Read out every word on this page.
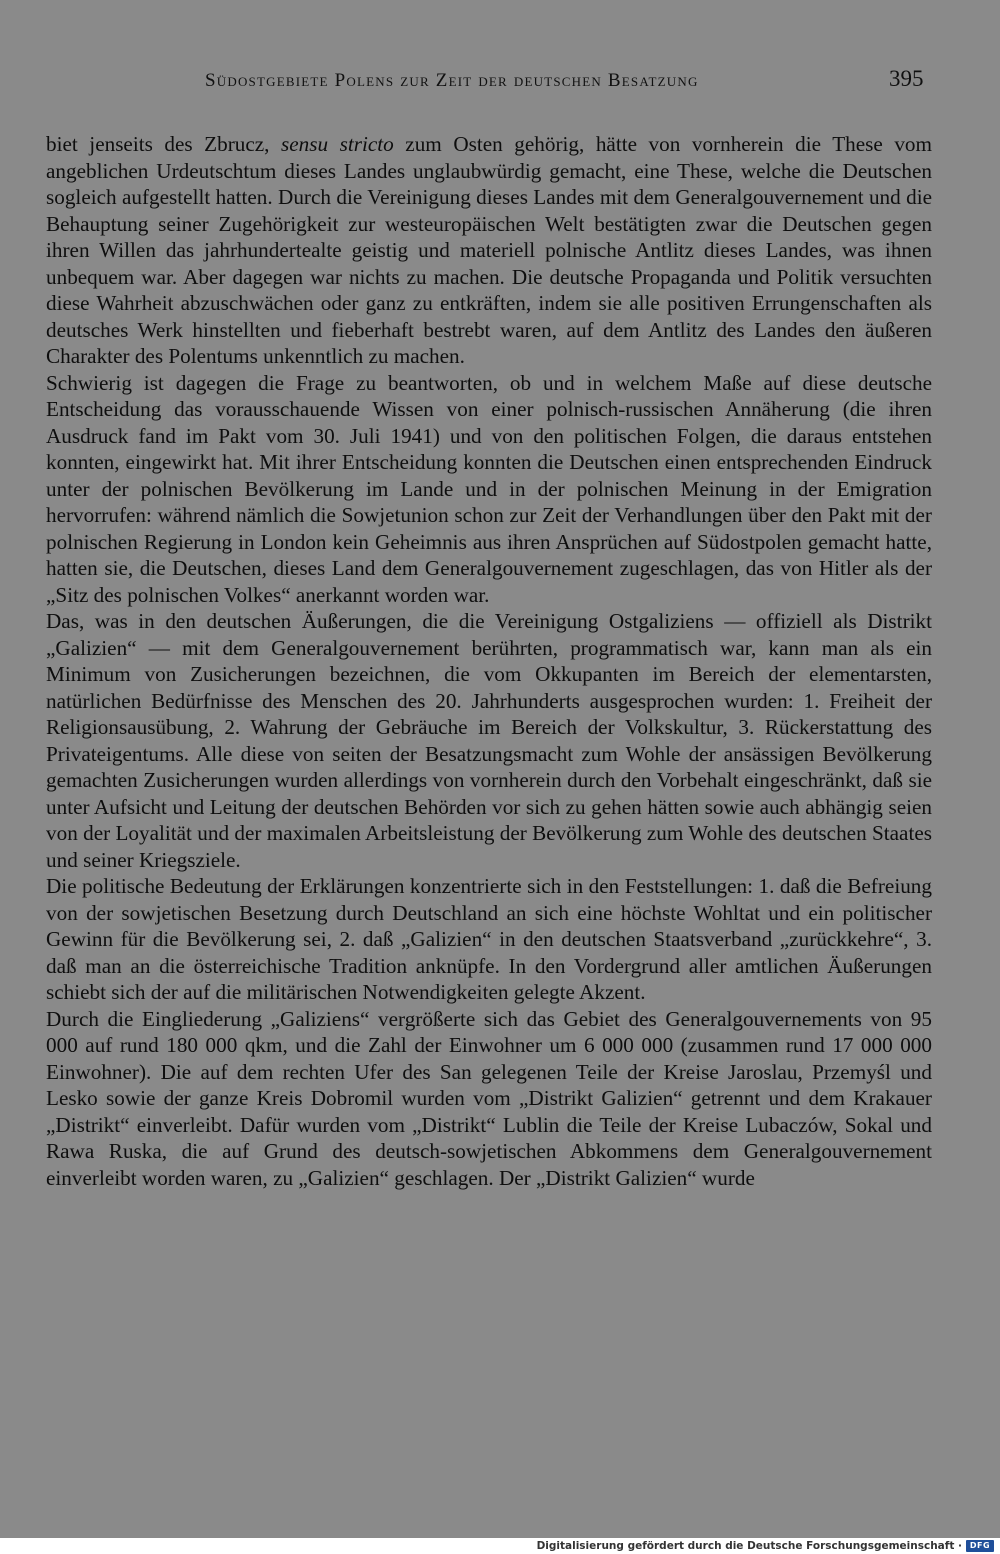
Südostgebiete Polens zur Zeit der deutschen Besatzung	395

biet jenseits des Zbrucz, sensu stricto zum Osten gehörig, hätte von vornherein die These vom angeblichen Urdeutschtum dieses Landes unglaubwürdig gemacht, eine These, welche die Deutschen sogleich aufgestellt hatten. Durch die Vereinigung dieses Landes mit dem Generalgouvernement und die Behauptung seiner Zugehörigkeit zur westeuropäischen Welt bestätigten zwar die Deutschen gegen ihren Willen das jahrhundertealte geistig und materiell polnische Antlitz dieses Landes, was ihnen unbequem war. Aber dagegen war nichts zu machen. Die deutsche Propaganda und Politik versuchten diese Wahrheit abzuschwächen oder ganz zu entkräften, indem sie alle positiven Errungenschaften als deutsches Werk hinstellten und fieberhaft bestrebt waren, auf dem Antlitz des Landes den äußeren Charakter des Polentums unkenntlich zu machen.

Schwierig ist dagegen die Frage zu beantworten, ob und in welchem Maße auf diese deutsche Entscheidung das vorausschauende Wissen von einer polnisch-russischen Annäherung (die ihren Ausdruck fand im Pakt vom 30. Juli 1941) und von den politischen Folgen, die daraus entstehen konnten, eingewirkt hat. Mit ihrer Entscheidung konnten die Deutschen einen entsprechenden Eindruck unter der polnischen Bevölkerung im Lande und in der polnischen Meinung in der Emigration hervorrufen: während nämlich die Sowjetunion schon zur Zeit der Verhandlungen über den Pakt mit der polnischen Regierung in London kein Geheimnis aus ihren Ansprüchen auf Südostpolen gemacht hatte, hatten sie, die Deutschen, dieses Land dem Generalgouvernement zugeschlagen, das von Hitler als der „Sitz des polnischen Volkes“ anerkannt worden war.

Das, was in den deutschen Äußerungen, die die Vereinigung Ostgaliziens — offiziell als Distrikt „Galizien“ — mit dem Generalgouvernement berührten, programmatisch war, kann man als ein Minimum von Zusicherungen bezeichnen, die vom Okkupanten im Bereich der elementarsten, natürlichen Bedürfnisse des Menschen des 20. Jahrhunderts ausgesprochen wurden: 1. Freiheit der Religionsausübung, 2. Wahrung der Gebräuche im Bereich der Volkskultur, 3. Rückerstattung des Privateigentums. Alle diese von seiten der Besatzungsmacht zum Wohle der ansässigen Bevölkerung gemachten Zusicherungen wurden allerdings von vornherein durch den Vorbehalt eingeschränkt, daß sie unter Aufsicht und Leitung der deutschen Behörden vor sich zu gehen hätten sowie auch abhängig seien von der Loyalität und der maximalen Arbeitsleistung der Bevölkerung zum Wohle des deutschen Staates und seiner Kriegsziele.

Die politische Bedeutung der Erklärungen konzentrierte sich in den Feststellungen: 1. daß die Befreiung von der sowjetischen Besetzung durch Deutschland an sich eine höchste Wohltat und ein politischer Gewinn für die Bevölkerung sei, 2. daß „Galizien“ in den deutschen Staatsverband „zurückkehre“, 3. daß man an die österreichische Tradition anknüpfe. In den Vordergrund aller amtlichen Äußerungen schiebt sich der auf die militärischen Notwendigkeiten gelegte Akzent.

Durch die Eingliederung „Galiziens“ vergrößerte sich das Gebiet des Generalgouvernements von 95 000 auf rund 180 000 qkm, und die Zahl der Einwohner um 6 000 000 (zusammen rund 17 000 000 Einwohner). Die auf dem rechten Ufer des San gelegenen Teile der Kreise Jaroslau, Przemyśl und Lesko sowie der ganze Kreis Dobromil wurden vom „Distrikt Galizien“ getrennt und dem Krakauer „Distrikt“ einverleibt. Dafür wurden vom „Distrikt“ Lublin die Teile der Kreise Lubaczów, Sokal und Rawa Ruska, die auf Grund des deutsch-sowjetischen Abkommens dem Generalgouvernement einverleibt worden waren, zu „Galizien“ geschlagen. Der „Distrikt Galizien“ wurde

Digitalisierung gefördert durch die Deutsche Forschungsgemeinschaft · DFG
